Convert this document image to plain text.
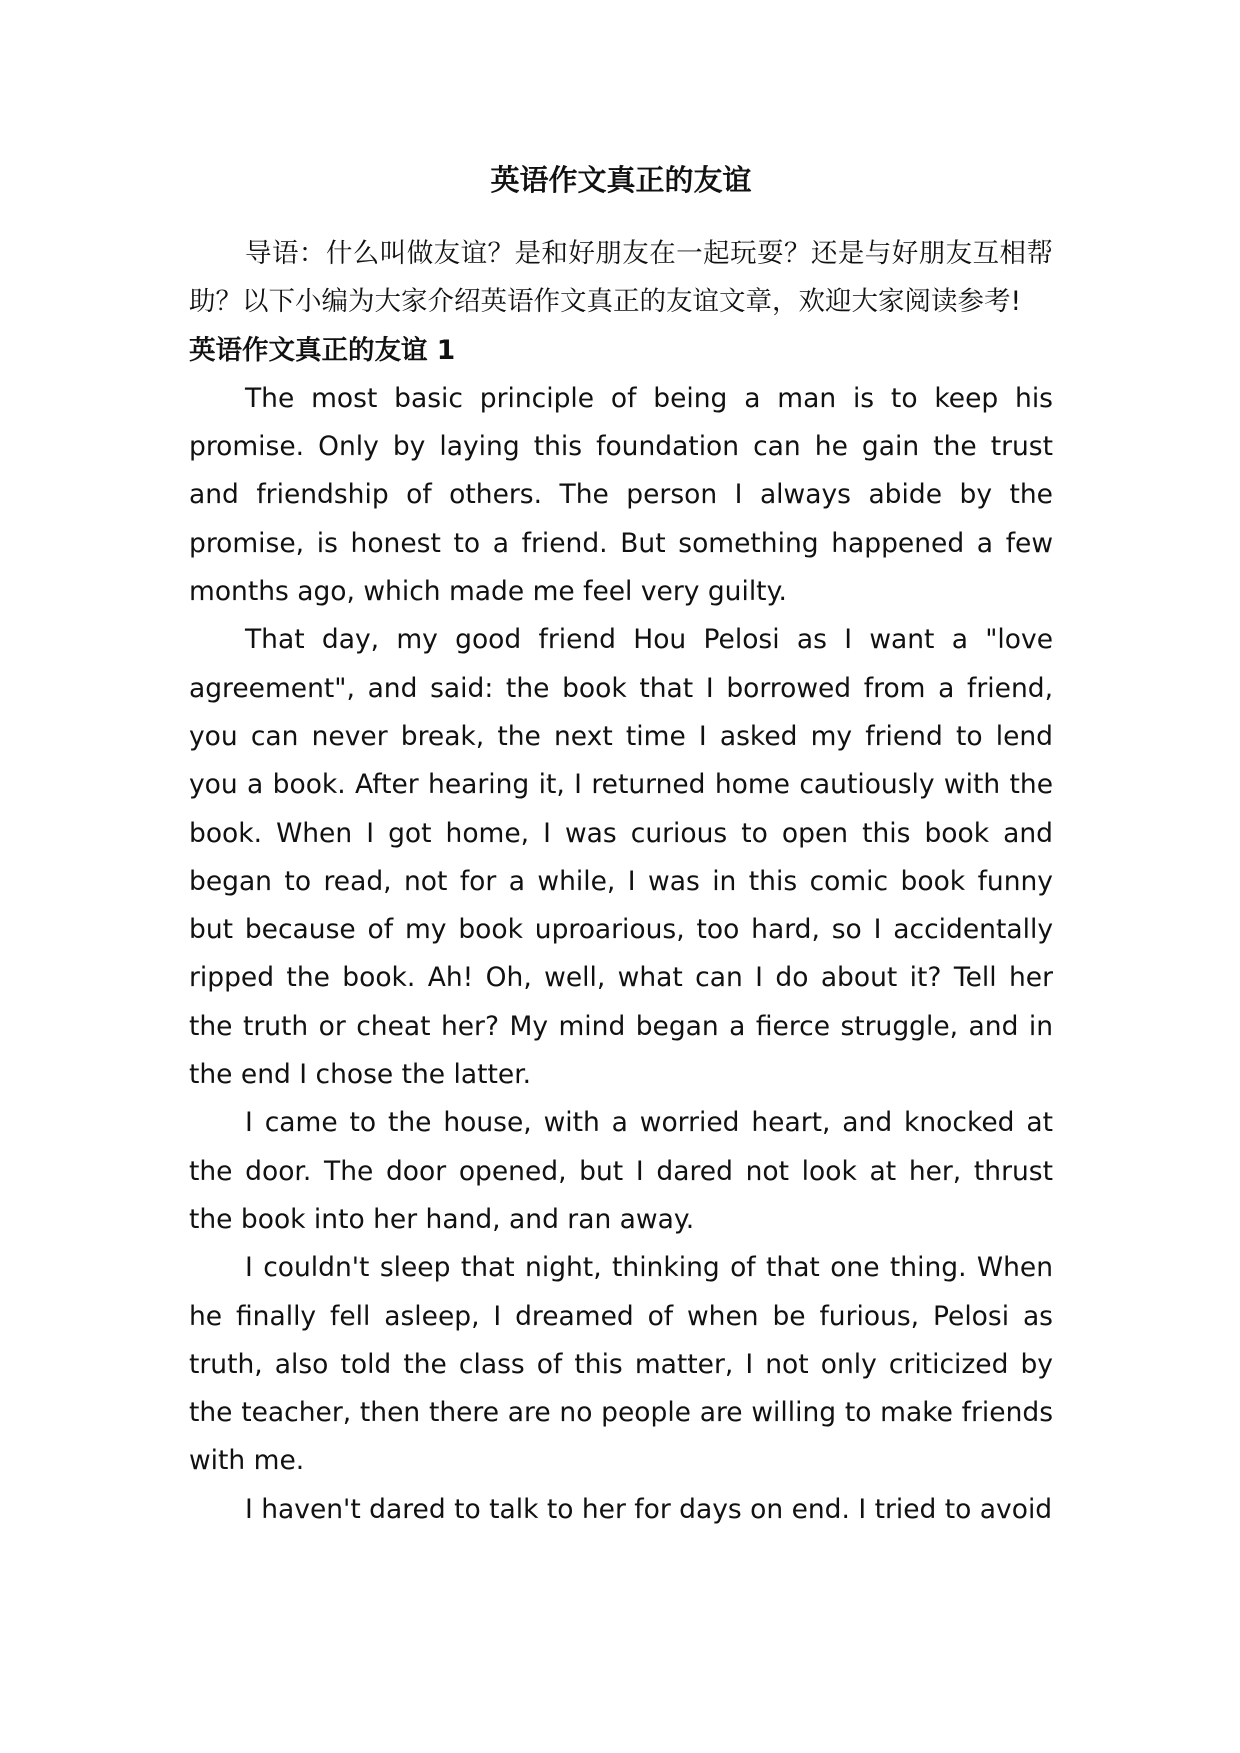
英语作文真正的友谊

导语：什么叫做友谊？是和好朋友在一起玩耍？还是与好朋友互相帮助？以下小编为大家介绍英语作文真正的友谊文章，欢迎大家阅读参考!

英语作文真正的友谊 1

The most basic principle of being a man is to keep his promise. Only by laying this foundation can he gain the trust and friendship of others. The person I always abide by the promise, is honest to a friend. But something happened a few months ago, which made me feel very guilty.

That day, my good friend Hou Pelosi as I want a "love agreement", and said: the book that I borrowed from a friend, you can never break, the next time I asked my friend to lend you a book. After hearing it, I returned home cautiously with the book. When I got home, I was curious to open this book and began to read, not for a while, I was in this comic book funny but because of my book uproarious, too hard, so I accidentally ripped the book. Ah! Oh, well, what can I do about it? Tell her the truth or cheat her? My mind began a fierce struggle, and in the end I chose the latter.

I came to the house, with a worried heart, and knocked at the door. The door opened, but I dared not look at her, thrust the book into her hand, and ran away.

I couldn't sleep that night, thinking of that one thing. When he finally fell asleep, I dreamed of when be furious, Pelosi as truth, also told the class of this matter, I not only criticized by the teacher, then there are no people are willing to make friends with me.

I haven't dared to talk to her for days on end. I tried to avoid
